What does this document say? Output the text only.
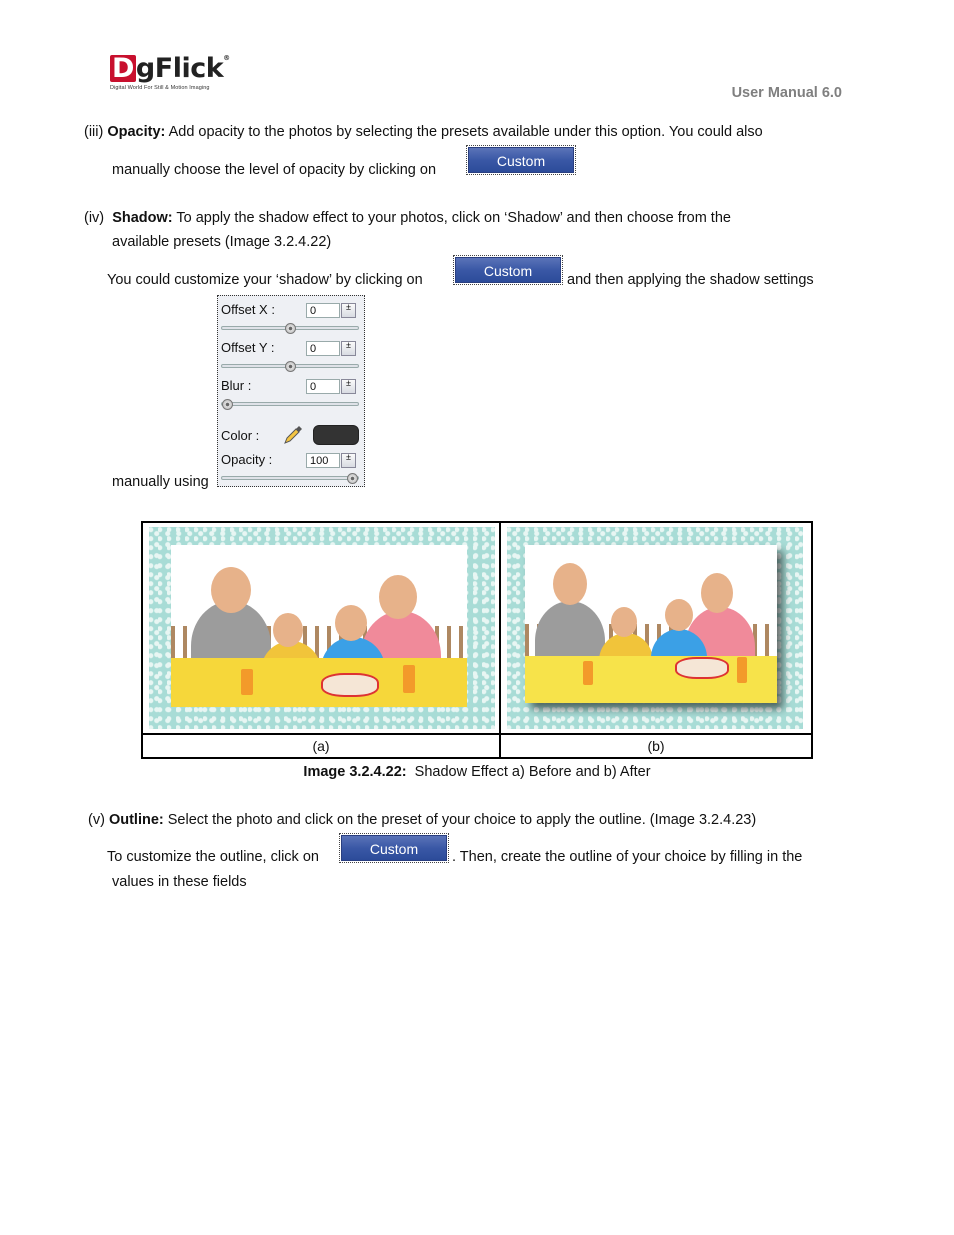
DgFlick®
Digital World For Still & Motion Imaging	User Manual 6.0
(iii) Opacity: Add opacity to the photos by selecting the presets available under this option. You could also
manually choose the level of opacity by clicking on
Custom
(iv) Shadow: To apply the shadow effect to your photos, click on ‘Shadow’ and then choose from the
available presets (Image 3.2.4.22)
You could customize your ‘shadow’ by clicking on
Custom
and then applying the shadow settings
manually using
Offset X :	0	±
Offset Y :	0	±
Blur :	0	±
Color :
Opacity :	100	±

(a)	(b)
Image 3.2.4.22:  Shadow Effect a) Before and b) After
(v) Outline: Select the photo and click on the preset of your choice to apply the outline. (Image 3.2.4.23)
To customize the outline, click on	Custom	. Then, create the outline of your choice by filling in the
values in these fields
